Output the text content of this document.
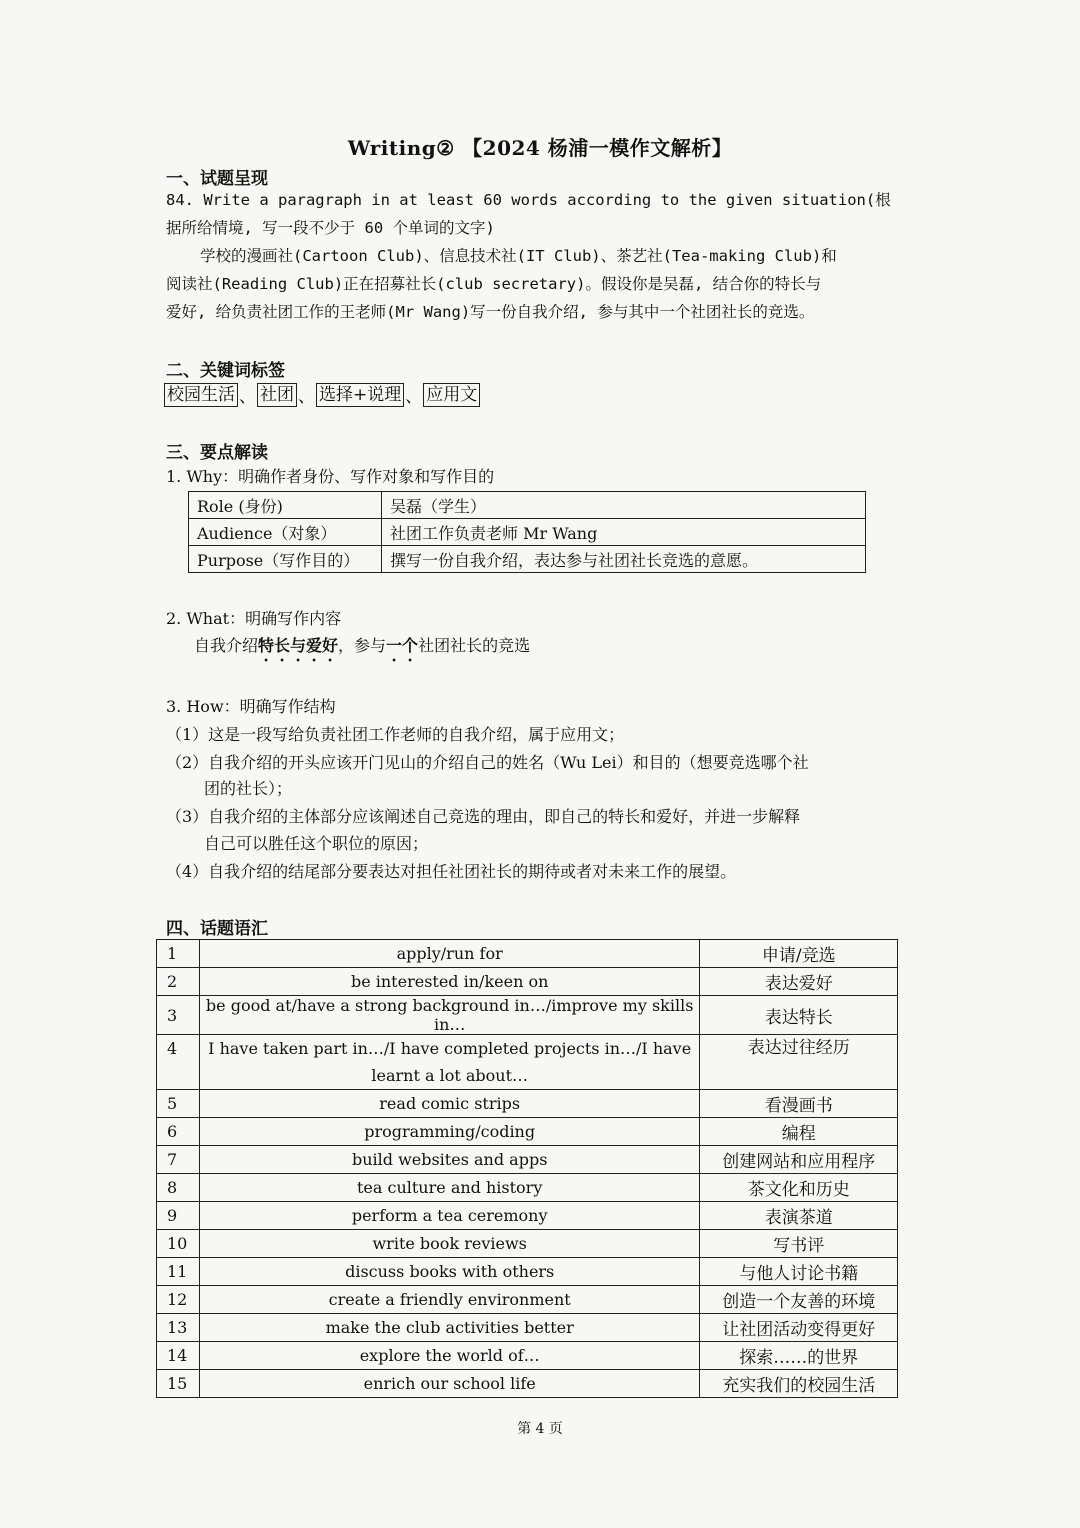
Writing② 【2024 杨浦一模作文解析】
一、试题呈现
84. Write a paragraph in at least 60 words according to the given situation(根
据所给情境, 写一段不少于 60 个单词的文字)
学校的漫画社(Cartoon Club)、信息技术社(IT Club)、茶艺社(Tea-making Club)和
阅读社(Reading Club)正在招募社长(club secretary)。假设你是吴磊, 结合你的特长与
爱好, 给负责社团工作的王老师(Mr Wang)写一份自我介绍, 参与其中一个社团社长的竞选。
二、关键词标签
校园生活 、 社团 、 选择+说理 、 应用文
三、要点解读
1. Why：明确作者身份、写作对象和写作目的
Role (身份)	吴磊（学生）
Audience（对象）	社团工作负责老师 Mr Wang
Purpose（写作目的）	撰写一份自我介绍，表达参与社团社长竞选的意愿。
2. What：明确写作内容
自我介绍特长与爱好，参与一个社团社长的竞选
3. How：明确写作结构
（1）这是一段写给负责社团工作老师的自我介绍，属于应用文；
（2）自我介绍的开头应该开门见山的介绍自己的姓名（Wu Lei）和目的（想要竞选哪个社
团的社长）；
（3）自我介绍的主体部分应该阐述自己竞选的理由，即自己的特长和爱好，并进一步解释
自己可以胜任这个职位的原因；
（4）自我介绍的结尾部分要表达对担任社团社长的期待或者对未来工作的展望。
四、话题语汇
1	apply/run for	申请/竞选
2	be interested in/keen on	表达爱好
3	be good at/have a strong background in…/improve my skills in…	表达特长
4	I have taken part in…/I have completed projects in…/I have learnt a lot about…	表达过往经历
5	read comic strips	看漫画书
6	programming/coding	编程
7	build websites and apps	创建网站和应用程序
8	tea culture and history	茶文化和历史
9	perform a tea ceremony	表演茶道
10	write book reviews	写书评
11	discuss books with others	与他人讨论书籍
12	create a friendly environment	创造一个友善的环境
13	make the club activities better	让社团活动变得更好
14	explore the world of…	探索……的世界
15	enrich our school life	充实我们的校园生活
第 4 页
